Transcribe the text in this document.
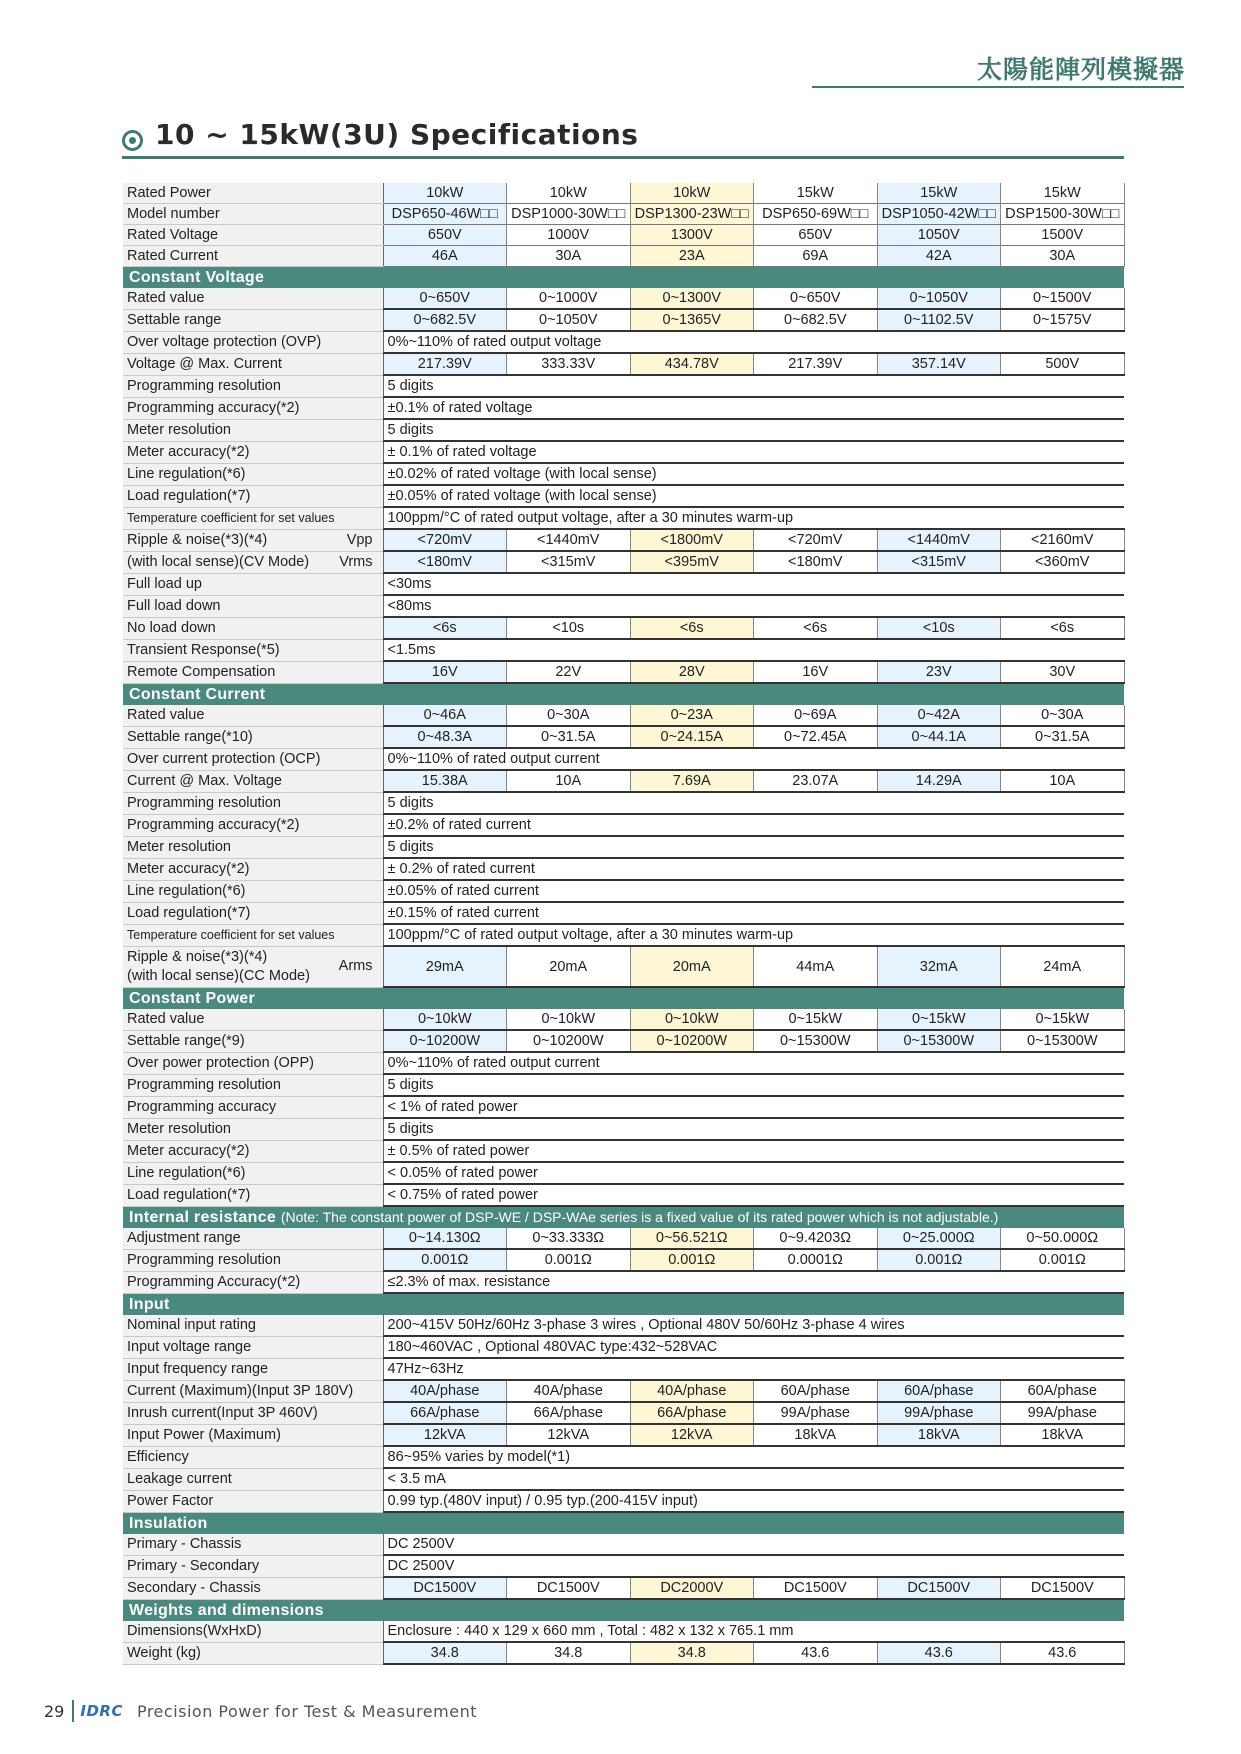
太陽能陣列模擬器
10 ~ 15kW(3U) Specifications
Rated Power	10kW	10kW	10kW	15kW	15kW	15kW
Model number	DSP650-46W□□	DSP1000-30W□□	DSP1300-23W□□	DSP650-69W□□	DSP1050-42W□□	DSP1500-30W□□
Rated Voltage	650V	1000V	1300V	650V	1050V	1500V
Rated Current	46A	30A	23A	69A	42A	30A
Constant Voltage						
Rated value	0~650V	0~1000V	0~1300V	0~650V	0~1050V	0~1500V
Settable range	0~682.5V	0~1050V	0~1365V	0~682.5V	0~1102.5V	0~1575V
Over voltage protection (OVP)	0%~110% of rated output voltage					
Voltage @ Max. Current	217.39V	333.33V	434.78V	217.39V	357.14V	500V
Programming resolution	5 digits					
Programming accuracy(*2)	±0.1% of rated voltage					
Meter resolution	5 digits					
Meter accuracy(*2)	± 0.1% of rated voltage					
Line regulation(*6)	±0.02% of rated voltage (with local sense)					
Load regulation(*7)	±0.05% of rated voltage (with local sense)					
Temperature coefficient for set values	100ppm/°C of rated output voltage, after a 30 minutes warm-up					

Ripple & noise(*3)(*4) Vpp	<720mV	<1440mV	<1800mV	<720mV	<1440mV	<2160mV

(with local sense)(CV Mode) Vrms	<180mV	<315mV	<395mV	<180mV	<315mV	<360mV
Full load up	<30ms					
Full load down	<80ms					
No load down	<6s	<10s	<6s	<6s	<10s	<6s
Transient Response(*5)	<1.5ms					
Remote Compensation	16V	22V	28V	16V	23V	30V
Constant Current						
Rated value	0~46A	0~30A	0~23A	0~69A	0~42A	0~30A
Settable range(*10)	0~48.3A	0~31.5A	0~24.15A	0~72.45A	0~44.1A	0~31.5A
Over current protection (OCP)	0%~110% of rated output current					
Current @ Max. Voltage	15.38A	10A	7.69A	23.07A	14.29A	10A
Programming resolution	5 digits					
Programming accuracy(*2)	±0.2% of rated current					
Meter resolution	5 digits					
Meter accuracy(*2)	± 0.2% of rated current					
Line regulation(*6)	±0.05% of rated current					
Load regulation(*7)	±0.15% of rated current					
Temperature coefficient for set values	100ppm/°C of rated output voltage, after a 30 minutes warm-up					

Ripple & noise(*3)(*4)
(with local sense)(CC Mode)
Arms	29mA	20mA	20mA	44mA	32mA	24mA
Constant Power						
Rated value	0~10kW	0~10kW	0~10kW	0~15kW	0~15kW	0~15kW
Settable range(*9)	0~10200W	0~10200W	0~10200W	0~15300W	0~15300W	0~15300W
Over power protection (OPP)	0%~110% of rated output current					
Programming resolution	5 digits					
Programming accuracy	< 1% of rated power					
Meter resolution	5 digits					
Meter accuracy(*2)	± 0.5% of rated power					
Line regulation(*6)	< 0.05% of rated power					
Load regulation(*7)	< 0.75% of rated power					
Internal resistance (Note: The constant power of DSP-WE / DSP-WAe series is a fixed value of its rated power which is not adjustable.)						
Adjustment range	0~14.130Ω	0~33.333Ω	0~56.521Ω	0~9.4203Ω	0~25.000Ω	0~50.000Ω
Programming resolution	0.001Ω	0.001Ω	0.001Ω	0.0001Ω	0.001Ω	0.001Ω
Programming Accuracy(*2)	≤2.3% of max. resistance					
Input						
Nominal input rating	200~415V 50Hz/60Hz 3-phase 3 wires , Optional 480V 50/60Hz 3-phase 4 wires					
Input voltage range	180~460VAC , Optional 480VAC type:432~528VAC					
Input frequency range	47Hz~63Hz					
Current (Maximum)(Input 3P 180V)	40A/phase	40A/phase	40A/phase	60A/phase	60A/phase	60A/phase
Inrush current(Input 3P 460V)	66A/phase	66A/phase	66A/phase	99A/phase	99A/phase	99A/phase
Input Power (Maximum)	12kVA	12kVA	12kVA	18kVA	18kVA	18kVA
Efficiency	86~95% varies by model(*1)					
Leakage current	< 3.5 mA					
Power Factor	0.99 typ.(480V input) / 0.95 typ.(200-415V input)					
Insulation						
Primary - Chassis	DC 2500V					
Primary - Secondary	DC 2500V					
Secondary - Chassis	DC1500V	DC1500V	DC2000V	DC1500V	DC1500V	DC1500V
Weights and dimensions						
Dimensions(WxHxD)	Enclosure : 440 x 129 x 660 mm , Total : 482 x 132 x 765.1 mm					
Weight (kg)	34.8	34.8	34.8	43.6	43.6	43.6
29 IDRC Precision Power for Test & Measurement
